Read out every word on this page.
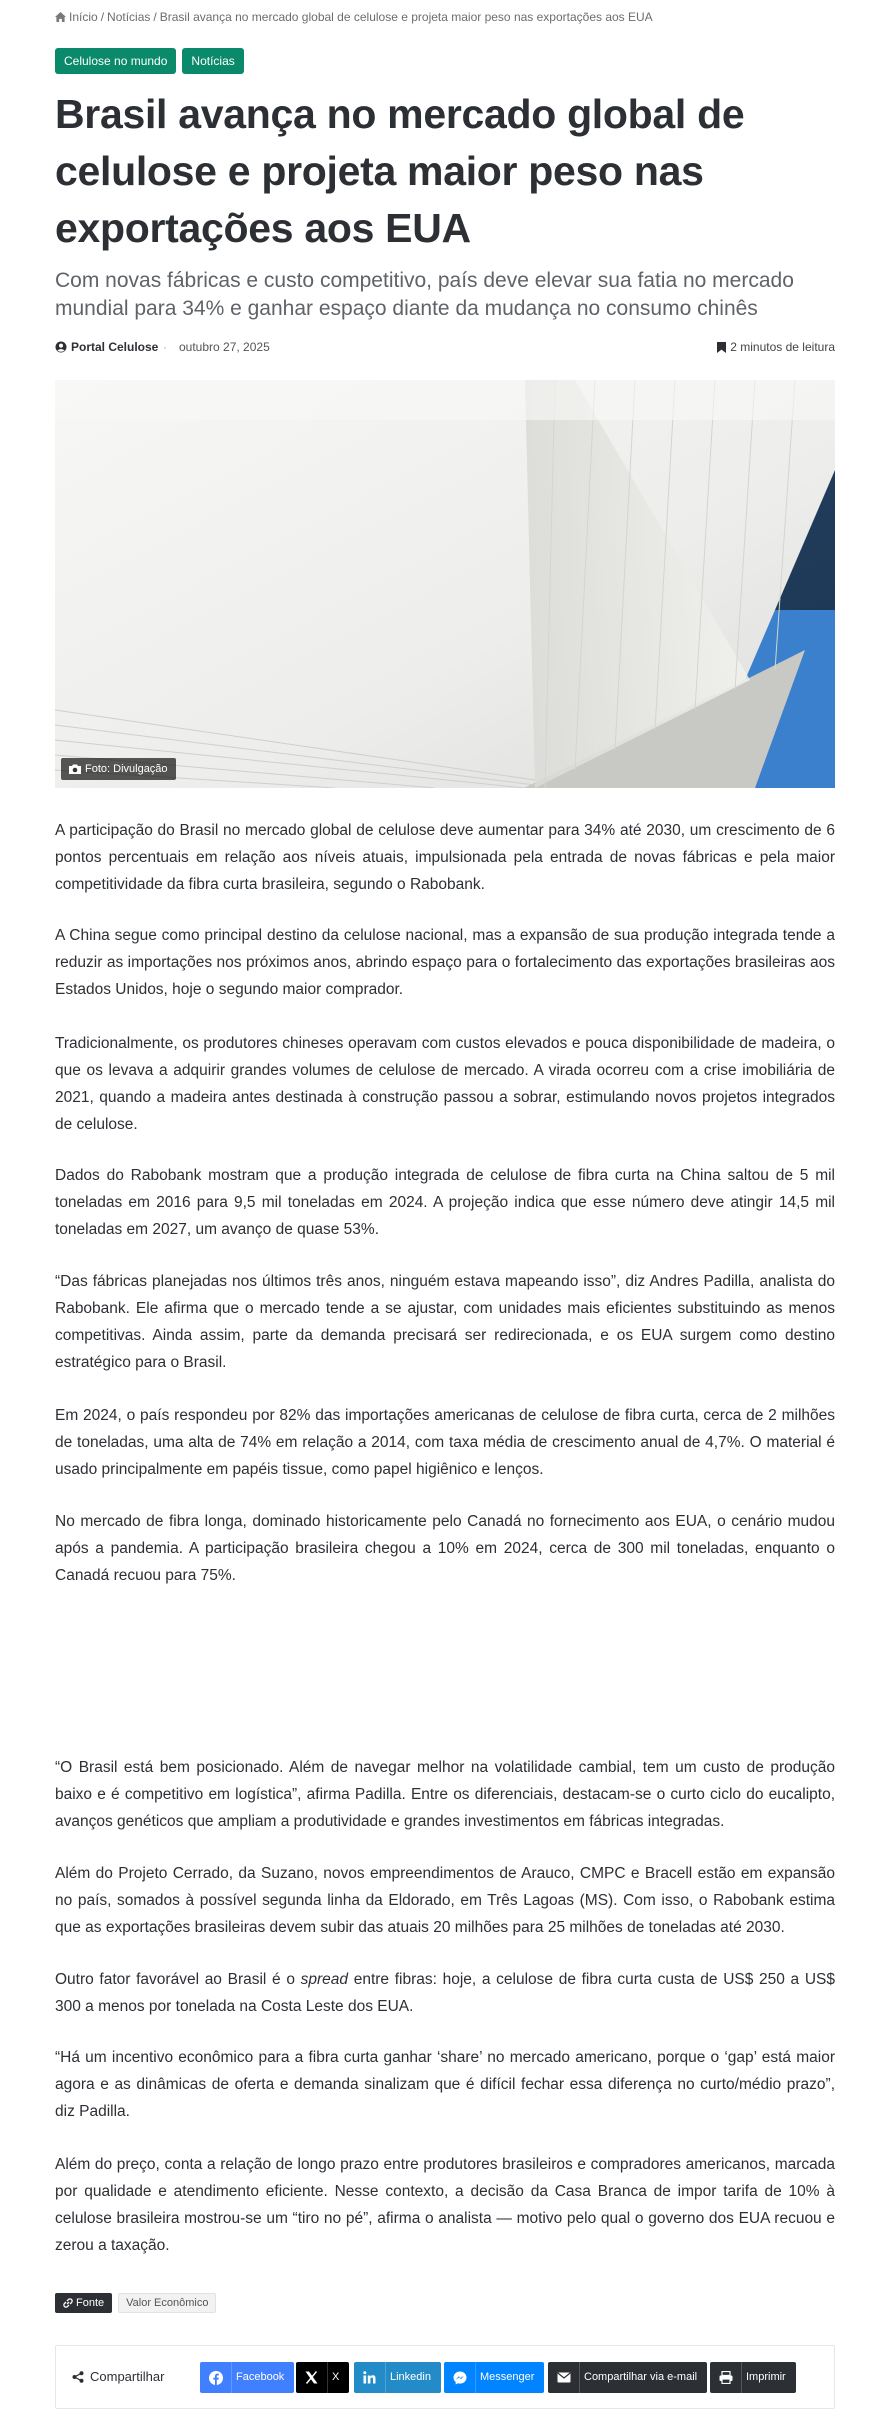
Início / Notícias / Brasil avança no mercado global de celulose e projeta maior peso nas exportações aos EUA
Celulose no mundo	Notícias
Brasil avança no mercado global de celulose e projeta maior peso nas exportações aos EUA
Com novas fábricas e custo competitivo, país deve elevar sua fatia no mercado mundial para 34% e ganhar espaço diante da mudança no consumo chinês
Portal Celulose · outubro 27, 2025	2 minutos de leitura
Foto: Divulgação

A participação do Brasil no mercado global de celulose deve aumentar para 34% até 2030, um crescimento de 6 pontos percentuais em relação aos níveis atuais, impulsionada pela entrada de novas fábricas e pela maior competitividade da fibra curta brasileira, segundo o Rabobank.

A China segue como principal destino da celulose nacional, mas a expansão de sua produção integrada tende a reduzir as importações nos próximos anos, abrindo espaço para o fortalecimento das exportações brasileiras aos Estados Unidos, hoje o segundo maior comprador.

Tradicionalmente, os produtores chineses operavam com custos elevados e pouca disponibilidade de madeira, o que os levava a adquirir grandes volumes de celulose de mercado. A virada ocorreu com a crise imobiliária de 2021, quando a madeira antes destinada à construção passou a sobrar, estimulando novos projetos integrados de celulose.

Dados do Rabobank mostram que a produção integrada de celulose de fibra curta na China saltou de 5 mil toneladas em 2016 para 9,5 mil toneladas em 2024. A projeção indica que esse número deve atingir 14,5 mil toneladas em 2027, um avanço de quase 53%.

“Das fábricas planejadas nos últimos três anos, ninguém estava mapeando isso”, diz Andres Padilla, analista do Rabobank. Ele afirma que o mercado tende a se ajustar, com unidades mais eficientes substituindo as menos competitivas. Ainda assim, parte da demanda precisará ser redirecionada, e os EUA surgem como destino estratégico para o Brasil.

Em 2024, o país respondeu por 82% das importações americanas de celulose de fibra curta, cerca de 2 milhões de toneladas, uma alta de 74% em relação a 2014, com taxa média de crescimento anual de 4,7%. O material é usado principalmente em papéis tissue, como papel higiênico e lenços.

No mercado de fibra longa, dominado historicamente pelo Canadá no fornecimento aos EUA, o cenário mudou após a pandemia. A participação brasileira chegou a 10% em 2024, cerca de 300 mil toneladas, enquanto o Canadá recuou para 75%.

“O Brasil está bem posicionado. Além de navegar melhor na volatilidade cambial, tem um custo de produção baixo e é competitivo em logística”, afirma Padilla. Entre os diferenciais, destacam-se o curto ciclo do eucalipto, avanços genéticos que ampliam a produtividade e grandes investimentos em fábricas integradas.

Além do Projeto Cerrado, da Suzano, novos empreendimentos de Arauco, CMPC e Bracell estão em expansão no país, somados à possível segunda linha da Eldorado, em Três Lagoas (MS). Com isso, o Rabobank estima que as exportações brasileiras devem subir das atuais 20 milhões para 25 milhões de toneladas até 2030.

Outro fator favorável ao Brasil é o spread entre fibras: hoje, a celulose de fibra curta custa de US$ 250 a US$ 300 a menos por tonelada na Costa Leste dos EUA.

“Há um incentivo econômico para a fibra curta ganhar ‘share’ no mercado americano, porque o ‘gap’ está maior agora e as dinâmicas de oferta e demanda sinalizam que é difícil fechar essa diferença no curto/médio prazo”, diz Padilla.

Além do preço, conta a relação de longo prazo entre produtores brasileiros e compradores americanos, marcada por qualidade e atendimento eficiente. Nesse contexto, a decisão da Casa Branca de impor tarifa de 10% à celulose brasileira mostrou-se um “tiro no pé”, afirma o analista — motivo pelo qual o governo dos EUA recuou e zerou a taxação.

Fonte	Valor Econômico
Compartilhar	Facebook	X	Linkedin	Messenger	Compartilhar via e-mail	Imprimir
